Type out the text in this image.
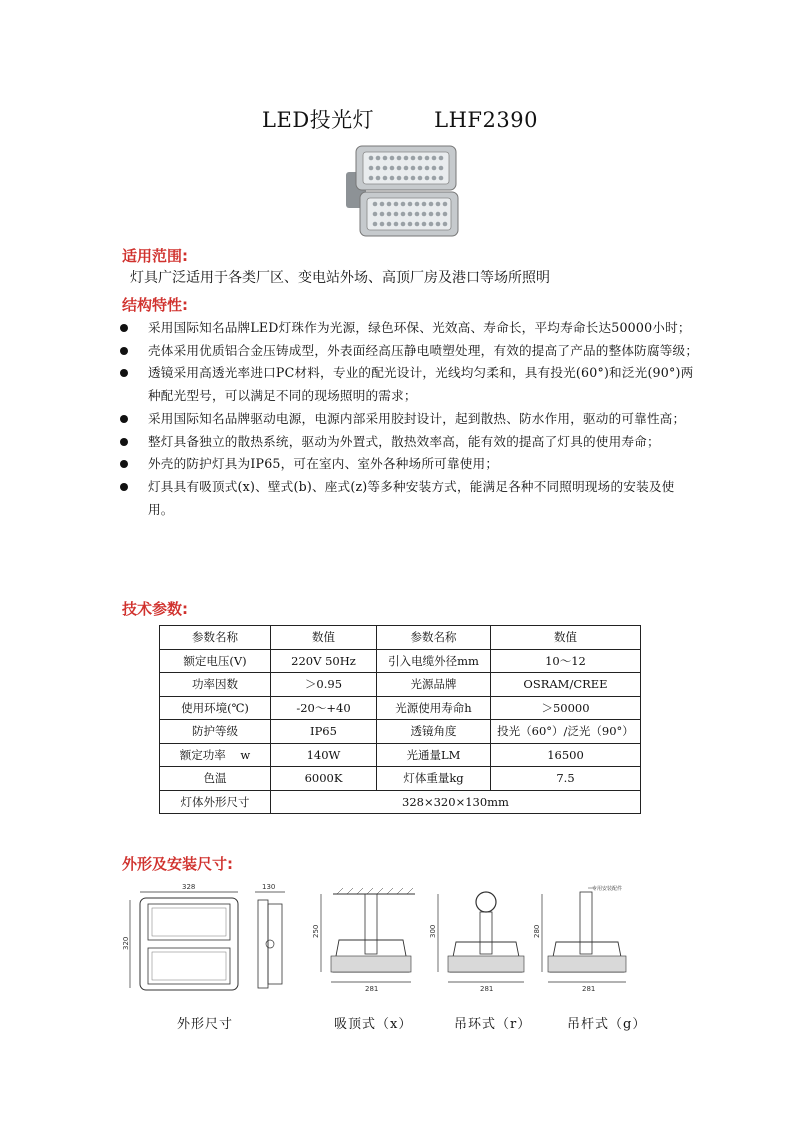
LED投光灯	LHF2390
适用范围:
灯具广泛适用于各类厂区、变电站外场、高顶厂房及港口等场所照明
结构特性:
采用国际知名品牌LED灯珠作为光源，绿色环保、光效高、寿命长，平均寿命长达50000小时；
壳体采用优质铝合金压铸成型，外表面经高压静电喷塑处理，有效的提高了产品的整体防腐等级；
透镜采用高透光率进口PC材料，专业的配光设计，光线均匀柔和，具有投光(60°)和泛光(90°)两种配光型号，可以满足不同的现场照明的需求；
采用国际知名品牌驱动电源，电源内部采用胶封设计，起到散热、防水作用，驱动的可靠性高；
整灯具备独立的散热系统，驱动为外置式，散热效率高，能有效的提高了灯具的使用寿命；
外壳的防护灯具为IP65，可在室内、室外各种场所可靠使用；
灯具具有吸顶式(x)、壁式(b)、座式(z)等多种安装方式，能满足各种不同照明现场的安装及使用。
技术参数:
参数名称	数值	参数名称	数值
额定电压(V)	220V 50Hz	引入电缆外径mm	10～12
功率因数	＞0.95	光源品牌	OSRAM/CREE
使用环境(℃)	-20～+40	光源使用寿命h	＞50000
防护等级	IP65	透镜角度	投光（60°）/泛光（90°）
额定功率    w	140W	光通量LM	16500
色温	6000K	灯体重量kg	7.5
灯体外形尺寸	328×320×130mm		
外形及安装尺寸:
328
320
130
250
281
300
281
专用安装配件
280
281
外形尺寸	吸顶式（x）	吊环式（r）	吊杆式（g）
